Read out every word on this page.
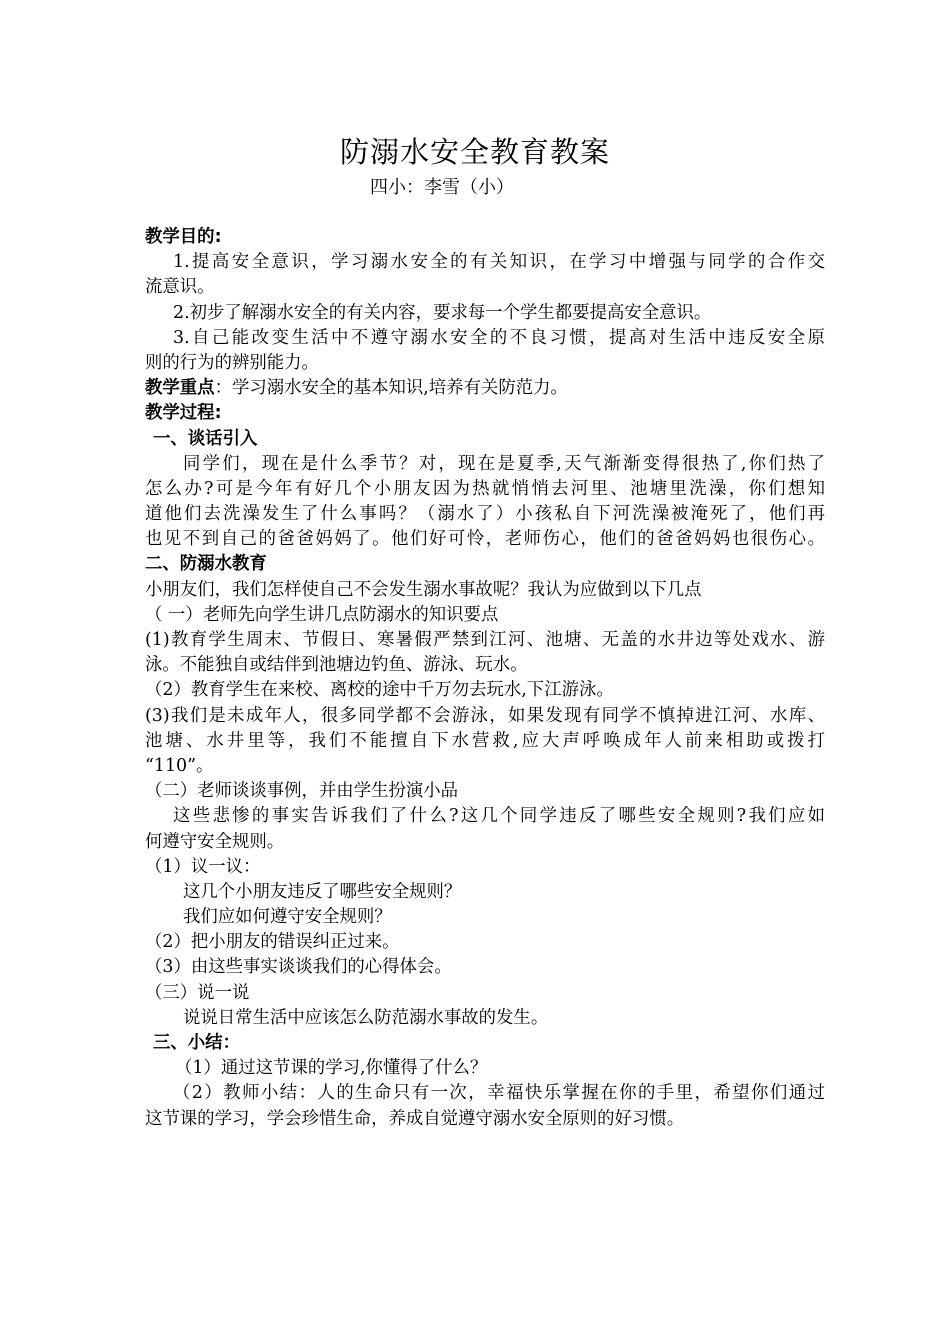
防溺水安全教育教案
四小：李雪（小）
教学目的:
1.提高安全意识，学习溺水安全的有关知识，在学习中增强与同学的合作交
流意识。
2.初步了解溺水安全的有关内容，要求每一个学生都要提高安全意识。
3.自己能改变生活中不遵守溺水安全的不良习惯，提高对生活中违反安全原
则的行为的辨别能力。
教学重点：学习溺水安全的基本知识,培养有关防范力。
教学过程:
一、谈话引入
同学们，现在是什么季节？对，现在是夏季,天气渐渐变得很热了,你们热了
怎么办?可是今年有好几个小朋友因为热就悄悄去河里、池塘里洗澡，你们想知
道他们去洗澡发生了什么事吗？（溺水了）小孩私自下河洗澡被淹死了，他们再
也见不到自己的爸爸妈妈了。他们好可怜，老师伤心，他们的爸爸妈妈也很伤心。
二、防溺水教育
小朋友们，我们怎样使自己不会发生溺水事故呢？我认为应做到以下几点
（ 一）老师先向学生讲几点防溺水的知识要点
(1)教育学生周末、节假日、寒暑假严禁到江河、池塘、无盖的水井边等处戏水、游
泳。不能独自或结伴到池塘边钓鱼、游泳、玩水。
（2）教育学生在来校、离校的途中千万勿去玩水,下江游泳。
(3)我们是未成年人，很多同学都不会游泳，如果发现有同学不慎掉进江河、水库、
池塘、水井里等，我们不能擅自下水营救,应大声呼唤成年人前来相助或拨打
“110”。
（二）老师谈谈事例，并由学生扮演小品
这些悲惨的事实告诉我们了什么?这几个同学违反了哪些安全规则?我们应如
何遵守安全规则。
（1）议一议：
这几个小朋友违反了哪些安全规则？
我们应如何遵守安全规则？
（2）把小朋友的错误纠正过来。
（3）由这些事实谈谈我们的心得体会。
（三）说一说
说说日常生活中应该怎么防范溺水事故的发生。
三、小结：
（1）通过这节课的学习,你懂得了什么？
（2）教师小结：人的生命只有一次，幸福快乐掌握在你的手里，希望你们通过
这节课的学习，学会珍惜生命，养成自觉遵守溺水安全原则的好习惯。
